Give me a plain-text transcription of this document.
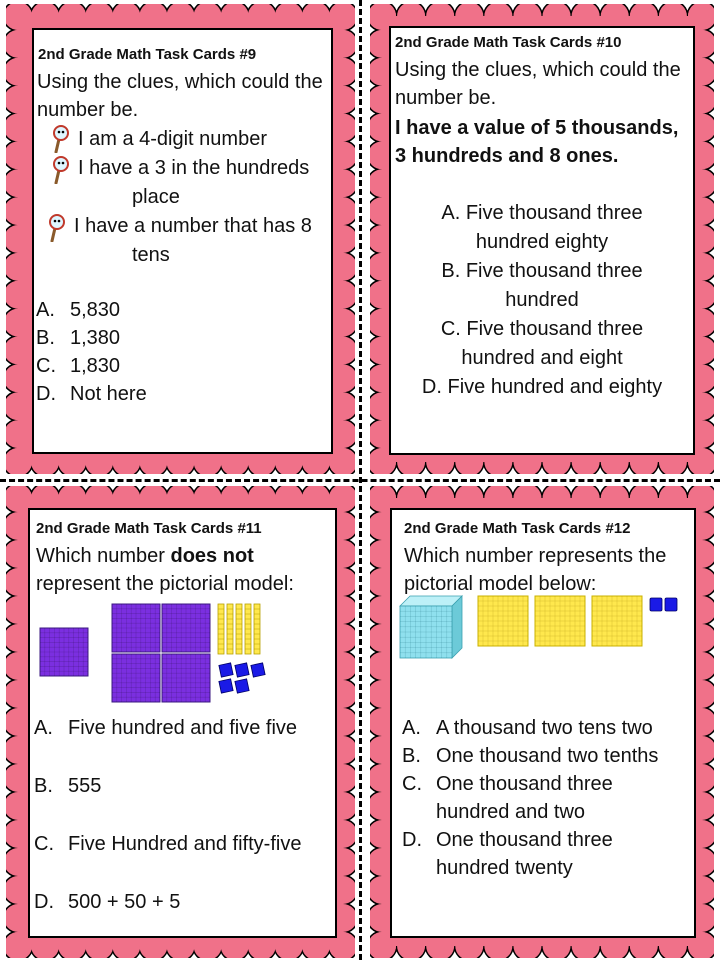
2nd Grade Math Task Cards #9
Using the clues, which could the number be.
I am a 4-digit number
I have a 3 in the hundreds
place
I have a number that has 8
tens
A. 5,830
B. 1,380
C. 1,830
D. Not here
2nd Grade Math Task Cards #10
Using the clues, which could the number be.
I have a value of 5 thousands, 3 hundreds and 8 ones.
A. Five thousand three
hundred eighty
B. Five thousand three
hundred
C. Five thousand three
hundred and eight
D. Five hundred and eighty
2nd Grade Math Task Cards #11
Which number does not
represent the pictorial model:
A. Five hundred and five five
B. 555
C. Five Hundred and fifty-five
D. 500 + 50 + 5
2nd Grade Math Task Cards #12
Which number represents the pictorial model below:
A. A thousand two tens two
B. One thousand two tenths
C. One thousand three
hundred and two
D. One thousand three
hundred twenty
